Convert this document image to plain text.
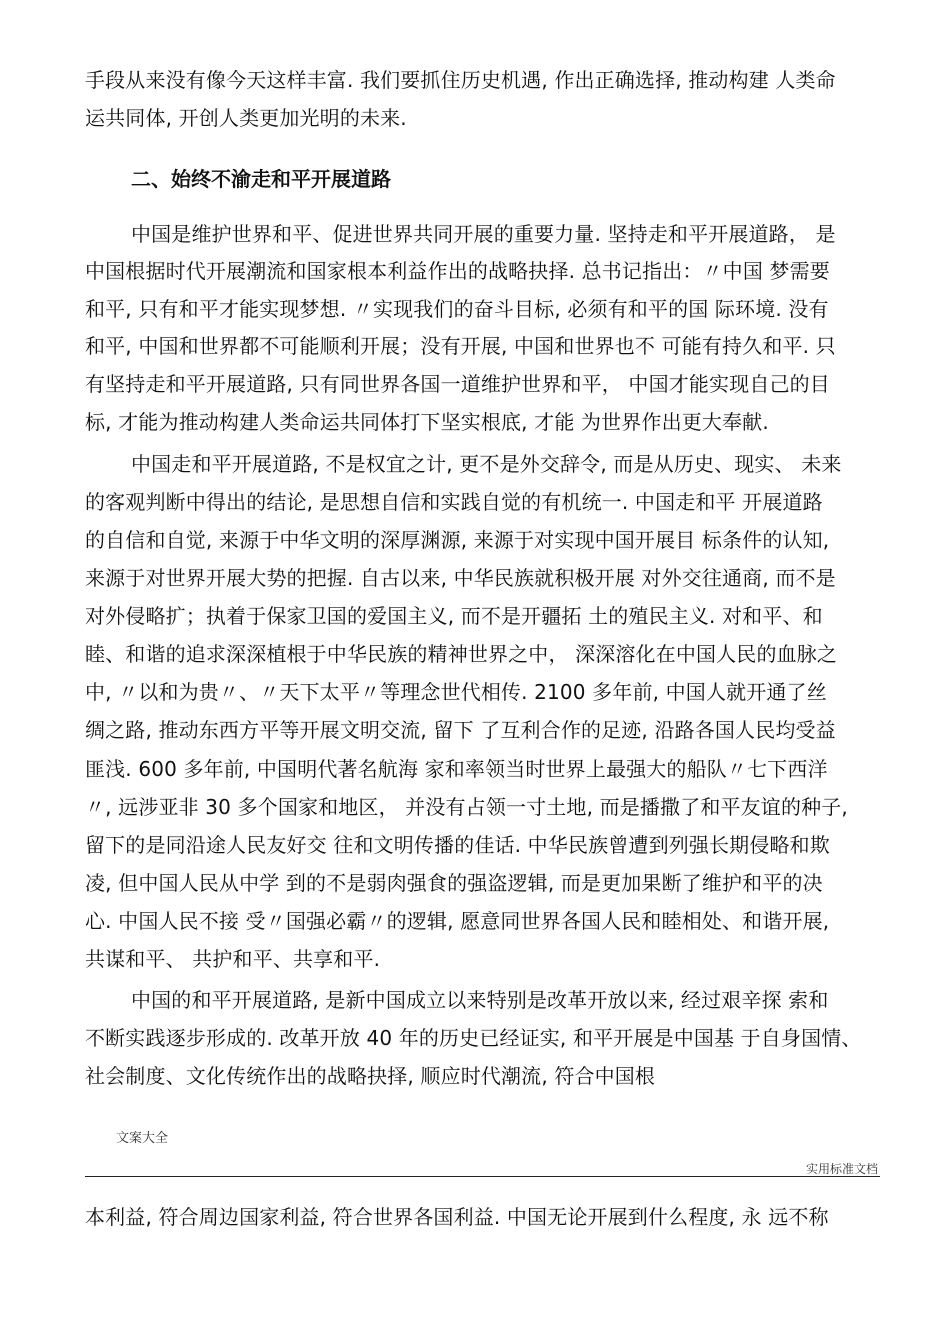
手段从来没有像今天这样丰富. 我们要抓住历史机遇, 作出正确选择, 推动构建 人类命
运共同体, 开创人类更加光明的未来.
二、始终不渝走和平开展道路
中国是维护世界和平、促进世界共同开展的重要力量. 坚持走和平开展道路， 是
中国根据时代开展潮流和国家根本利益作出的战略抉择. 总书记指出：〃中国 梦需要
和平, 只有和平才能实现梦想. 〃实现我们的奋斗目标, 必须有和平的国 际环境. 没有
和平, 中国和世界都不可能顺利开展；没有开展, 中国和世界也不 可能有持久和平. 只
有坚持走和平开展道路, 只有同世界各国一道维护世界和平， 中国才能实现自己的目
标, 才能为推动构建人类命运共同体打下坚实根底, 才能 为世界作出更大奉献.
中国走和平开展道路, 不是权宜之计, 更不是外交辞令, 而是从历史、现实、 未来
的客观判断中得出的结论, 是思想自信和实践自觉的有机统一. 中国走和平 开展道路
的自信和自觉, 来源于中华文明的深厚渊源, 来源于对实现中国开展目 标条件的认知,
来源于对世界开展大势的把握. 自古以来, 中华民族就积极开展 对外交往通商, 而不是
对外侵略扩；执着于保家卫国的爱国主义, 而不是开疆拓 土的殖民主义. 对和平、和
睦、和谐的追求深深植根于中华民族的精神世界之中， 深深溶化在中国人民的血脉之
中, 〃以和为贵〃、〃天下太平〃等理念世代相传. 2100 多年前, 中国人就开通了丝
绸之路, 推动东西方平等开展文明交流, 留下 了互利合作的足迹, 沿路各国人民均受益
匪浅. 600 多年前, 中国明代著名航海 家和率领当时世界上最强大的船队〃七下西洋
〃, 远涉亚非 30 多个国家和地区， 并没有占领一寸土地, 而是播撒了和平友谊的种子,
留下的是同沿途人民友好交 往和文明传播的佳话. 中华民族曾遭到列强长期侵略和欺
凌, 但中国人民从中学 到的不是弱肉强食的强盗逻辑, 而是更加果断了维护和平的决
心. 中国人民不接 受〃国强必霸〃的逻辑, 愿意同世界各国人民和睦相处、和谐开展,
共谋和平、 共护和平、共享和平.
中国的和平开展道路, 是新中国成立以来特别是改革开放以来, 经过艰辛探 索和
不断实践逐步形成的. 改革开放 40 年的历史已经证实, 和平开展是中国基 于自身国情、
社会制度、文化传统作出的战略抉择, 顺应时代潮流, 符合中国根
文案大全
实用标准文档
本利益, 符合周边国家利益, 符合世界各国利益. 中国无论开展到什么程度, 永 远不称
